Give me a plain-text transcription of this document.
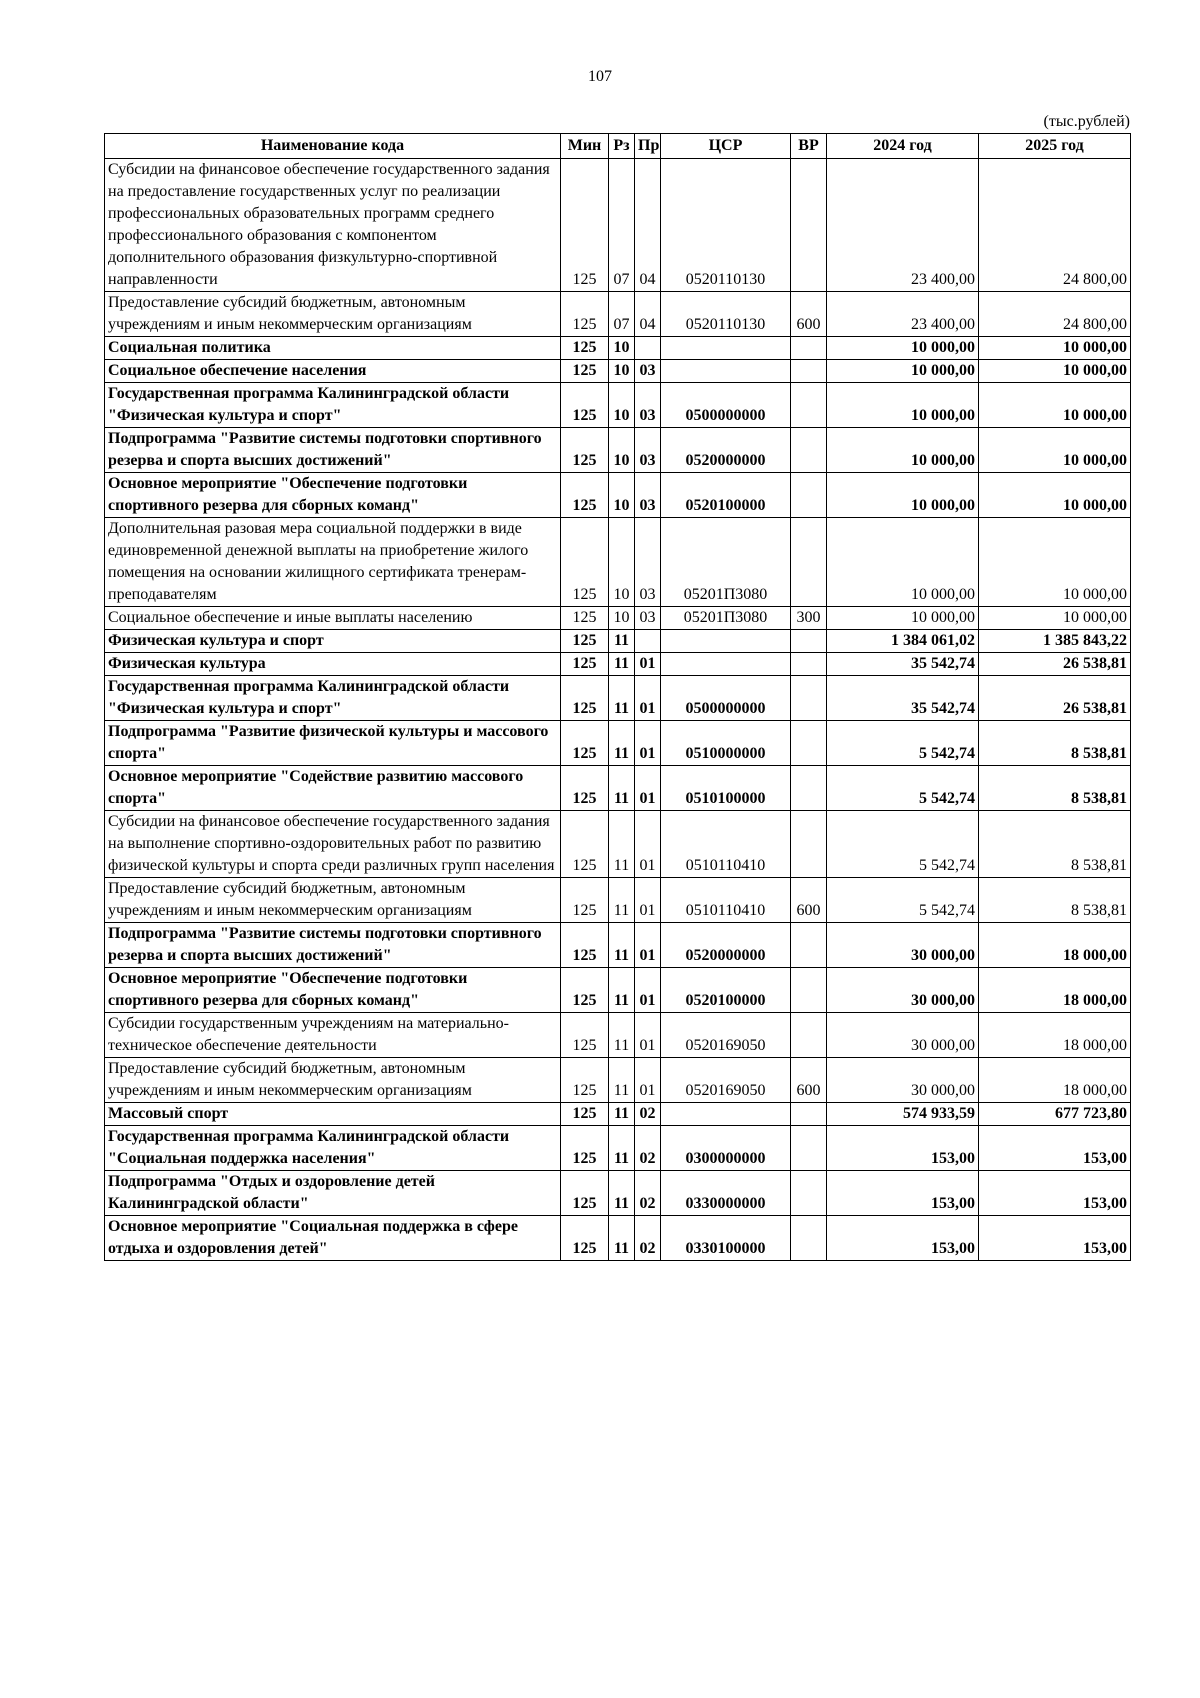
107
(тыс.рублей)
Наименование кода	Мин	Рз	Пр	ЦСР	ВР	2024 год	2025 год
Субсидии на финансовое обеспечение государственного задания на предоставление государственных услуг по реализации профессиональных образовательных программ среднего профессионального образования с компонентом дополнительного образования физкультурно-спортивной направленности	125	07	04	0520110130		23 400,00	24 800,00
Предоставление субсидий бюджетным, автономным учреждениям и иным некоммерческим организациям	125	07	04	0520110130	600	23 400,00	24 800,00
Социальная политика	125	10				10 000,00	10 000,00
Социальное обеспечение населения	125	10	03			10 000,00	10 000,00
Государственная программа Калининградской области "Физическая культура и спорт"	125	10	03	0500000000		10 000,00	10 000,00
Подпрограмма "Развитие системы подготовки спортивного резерва и спорта высших достижений"	125	10	03	0520000000		10 000,00	10 000,00
Основное мероприятие "Обеспечение подготовки спортивного резерва для сборных команд"	125	10	03	0520100000		10 000,00	10 000,00
Дополнительная разовая мера социальной поддержки в виде единовременной денежной выплаты на приобретение жилого помещения на основании жилищного сертификата тренерам-преподавателям	125	10	03	05201П3080		10 000,00	10 000,00
Социальное обеспечение и иные выплаты населению	125	10	03	05201П3080	300	10 000,00	10 000,00
Физическая культура и спорт	125	11				1 384 061,02	1 385 843,22
Физическая культура	125	11	01			35 542,74	26 538,81
Государственная программа Калининградской области "Физическая культура и спорт"	125	11	01	0500000000		35 542,74	26 538,81
Подпрограмма "Развитие физической культуры и массового спорта"	125	11	01	0510000000		5 542,74	8 538,81
Основное мероприятие "Содействие развитию массового спорта"	125	11	01	0510100000		5 542,74	8 538,81
Субсидии на финансовое обеспечение государственного задания на выполнение спортивно-оздоровительных работ по развитию физической культуры и спорта среди различных групп населения	125	11	01	0510110410		5 542,74	8 538,81
Предоставление субсидий бюджетным, автономным учреждениям и иным некоммерческим организациям	125	11	01	0510110410	600	5 542,74	8 538,81
Подпрограмма "Развитие системы подготовки спортивного резерва и спорта высших достижений"	125	11	01	0520000000		30 000,00	18 000,00
Основное мероприятие "Обеспечение подготовки спортивного резерва для сборных команд"	125	11	01	0520100000		30 000,00	18 000,00
Субсидии государственным учреждениям на материально-техническое обеспечение деятельности	125	11	01	0520169050		30 000,00	18 000,00
Предоставление субсидий бюджетным, автономным учреждениям и иным некоммерческим организациям	125	11	01	0520169050	600	30 000,00	18 000,00
Массовый спорт	125	11	02			574 933,59	677 723,80
Государственная программа Калининградской области "Социальная поддержка населения"	125	11	02	0300000000		153,00	153,00
Подпрограмма "Отдых и оздоровление детей Калининградской области"	125	11	02	0330000000		153,00	153,00
Основное мероприятие "Социальная поддержка в сфере отдыха и оздоровления детей"	125	11	02	0330100000		153,00	153,00
